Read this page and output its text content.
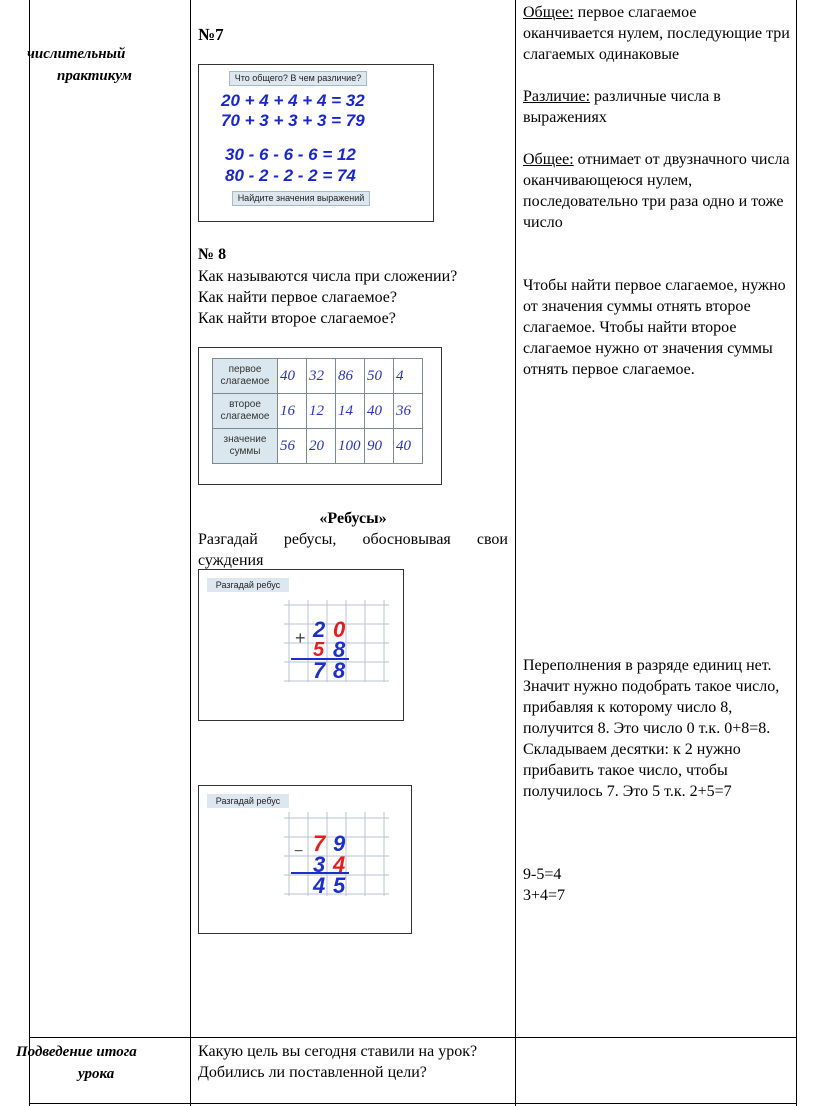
числительный
практикум
№7
Что общего? В чем различие?
20 + 4 + 4 + 4 = 32
70 + 3 + 3 + 3 = 79
30 - 6 - 6 - 6 = 12
80 - 2 - 2 - 2 = 74
Найдите значения выражений
№ 8
Как называются числа при сложении?
Как найти первое слагаемое?
Как найти второе слагаемое?
первое слагаемое	40	32	86	50	4
второе слагаемое	16	12	14	40	36
значение суммы	56	20	100	90	40
«Ребусы»
Разгадай ребусы, обосновывая свои суждения
Разгадай ребус
+ 2 0
5 8
7 8
Разгадай ребус
− 7 9
3 4
4 5
Общее: первое слагаемое оканчивается нулем, последующие три слагаемых одинаковые
Различие: различные числа в выражениях
Общее: отнимает от двузначного числа оканчивающеюся нулем, последовательно три раза одно и тоже число
Чтобы найти первое слагаемое, нужно от значения суммы отнять второе слагаемое. Чтобы найти второе слагаемое нужно от значения суммы отнять первое слагаемое.
Переполнения в разряде единиц нет. Значит нужно подобрать такое число, прибавляя к которому число 8, получится 8. Это число 0 т.к. 0+8=8. Складываем десятки: к 2 нужно прибавить такое число, чтобы получилось 7. Это 5 т.к. 2+5=7
9-5=4
3+4=7
Подведение итога
урока
Какую цель вы сегодня ставили на урок?
Добились ли поставленной цели?
